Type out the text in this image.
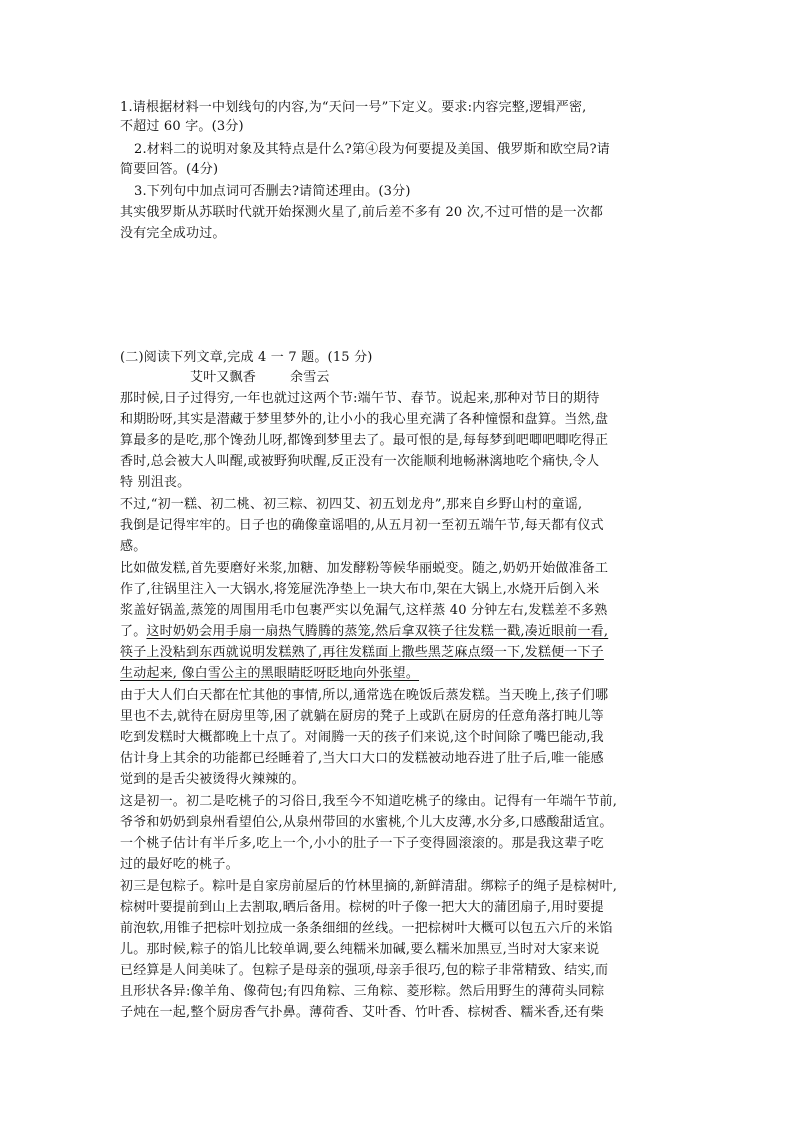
1.请根据材料一中划线句的内容,为“天问一号”下定义。要求:内容完整,逻辑严密,
不超过 60 字。(3分)
2.材料二的说明对象及其特点是什么?第④段为何要提及美国、俄罗斯和欧空局?请
简要回答。(4分)
3.下列句中加点词可否删去?请简述理由。(3分)
其实俄罗斯从苏联时代就开始探测火星了,前后差不多有 20 次,不过可惜的是一次都
没有完全成功过。
(二)阅读下列文章,完成 4 一 7 题。(15 分)
艾叶又飘香	余雪云
那时候,日子过得穷,一年也就过这两个节:端午节、春节。说起来,那种对节日的期待
和期盼呀,其实是潜藏于梦里梦外的,让小小的我心里充满了各种憧憬和盘算。当然,盘
算最多的是吃,那个馋劲儿呀,都馋到梦里去了。最可恨的是,每每梦到吧唧吧唧吃得正
香时,总会被大人叫醒,或被野狗吠醒,反正没有一次能顺利地畅淋漓地吃个痛快,令人
特 别沮丧。
不过,“初一糕、初二桃、初三粽、初四艾、初五划龙舟”,那来自乡野山村的童谣,
我倒是记得牢牢的。日子也的确像童谣唱的,从五月初一至初五端午节,每天都有仪式
感。
比如做发糕,首先要磨好米浆,加糖、加发酵粉等候华丽蜕变。随之,奶奶开始做准备工
作了,往锅里注入一大锅水,将笼屉洗净垫上一块大布巾,架在大锅上,水烧开后倒入米
浆盖好锅盖,蒸笼的周围用毛巾包裹严实以免漏气,这样蒸 40 分钟左右,发糕差不多熟
了。这时奶奶会用手扇一扇热气腾腾的蒸笼,然后拿双筷子往发糕一戳,凑近眼前一看,
筷子上没粘到东西就说明发糕熟了,再往发糕面上撒些黑芝麻点缀一下,发糕便一下子
生动起来, 像白雪公主的黑眼睛眨呀眨地向外张望。
由于大人们白天都在忙其他的事情,所以,通常选在晚饭后蒸发糕。当天晚上,孩子们哪
里也不去,就待在厨房里等,困了就躺在厨房的凳子上或趴在厨房的任意角落打盹儿等
吃到发糕时大概都晚上十点了。对闹腾一天的孩子们来说,这个时间除了嘴巴能动,我
估计身上其余的功能都已经睡着了,当大口大口的发糕被动地吞进了肚子后,唯一能感
觉到的是舌尖被烫得火辣辣的。
这是初一。初二是吃桃子的习俗日,我至今不知道吃桃子的缘由。记得有一年端午节前,
爷爷和奶奶到泉州看望伯公,从泉州带回的水蜜桃,个儿大皮薄,水分多,口感酸甜适宜。
一个桃子估计有半斤多,吃上一个,小小的肚子一下子变得圆滚滚的。那是我这辈子吃
过的最好吃的桃子。
初三是包粽子。粽叶是自家房前屋后的竹林里摘的,新鲜清甜。绑粽子的绳子是棕树叶,
棕树叶要提前到山上去割取,晒后备用。棕树的叶子像一把大大的蒲团扇子,用时要提
前泡软,用锥子把棕叶划拉成一条条细细的丝线。一把棕树叶大概可以包五六斤的米馅
儿。那时候,粽子的馅儿比较单调,要么纯糯米加碱,要么糯米加黑豆,当时对大家来说
已经算是人间美味了。包粽子是母亲的强项,母亲手很巧,包的粽子非常精致、结实,而
且形状各异:像羊角、像荷包;有四角粽、三角粽、菱形粽。然后用野生的薄荷头同粽
子炖在一起,整个厨房香气扑鼻。薄荷香、艾叶香、竹叶香、棕树香、糯米香,还有柴
